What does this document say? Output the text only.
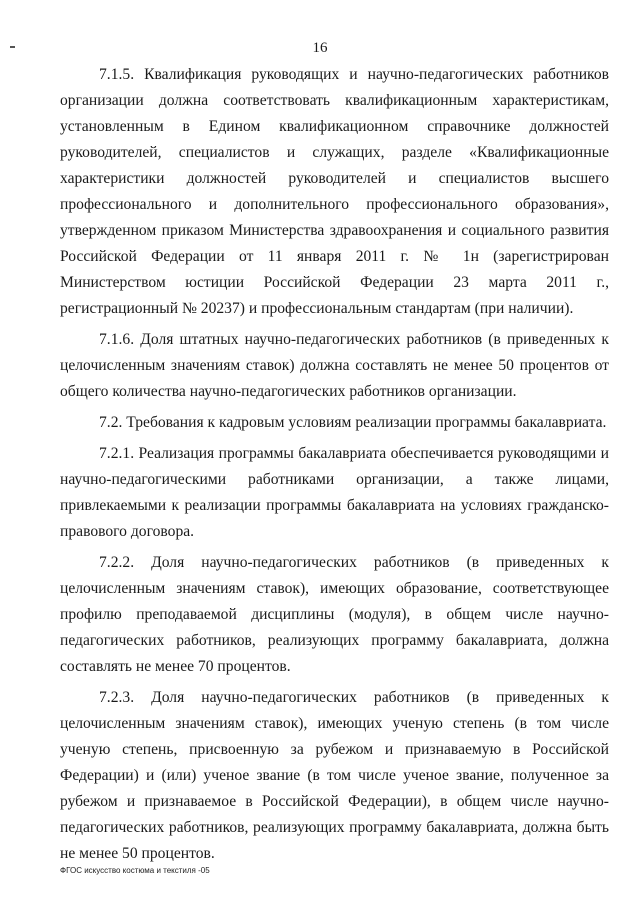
16

7.1.5. Квалификация руководящих и научно-педагогических работников организации должна соответствовать квалификационным характеристикам, установленным в Едином квалификационном справочнике должностей руководителей, специалистов и служащих, разделе «Квалификационные характеристики должностей руководителей и специалистов высшего профессионального и дополнительного профессионального образования», утвержденном приказом Министерства здравоохранения и социального развития Российской Федерации от 11 января 2011 г. № 1н (зарегистрирован Министерством юстиции Российской Федерации 23 марта 2011 г., регистрационный № 20237) и профессиональным стандартам (при наличии).

7.1.6. Доля штатных научно-педагогических работников (в приведенных к целочисленным значениям ставок) должна составлять не менее 50 процентов от общего количества научно-педагогических работников организации.

7.2. Требования к кадровым условиям реализации программы бакалавриата.

7.2.1. Реализация программы бакалавриата обеспечивается руководящими и научно-педагогическими работниками организации, а также лицами, привлекаемыми к реализации программы бакалавриата на условиях гражданско-правового договора.

7.2.2. Доля научно-педагогических работников (в приведенных к целочисленным значениям ставок), имеющих образование, соответствующее профилю преподаваемой дисциплины (модуля), в общем числе научно-педагогических работников, реализующих программу бакалавриата, должна составлять не менее 70 процентов.

7.2.3. Доля научно-педагогических работников (в приведенных к целочисленным значениям ставок), имеющих ученую степень (в том числе ученую степень, присвоенную за рубежом и признаваемую в Российской Федерации) и (или) ученое звание (в том числе ученое звание, полученное за рубежом и признаваемое в Российской Федерации), в общем числе научно-педагогических работников, реализующих программу бакалавриата, должна быть не менее 50 процентов.

ФГОС искусство костюма и текстиля -05
